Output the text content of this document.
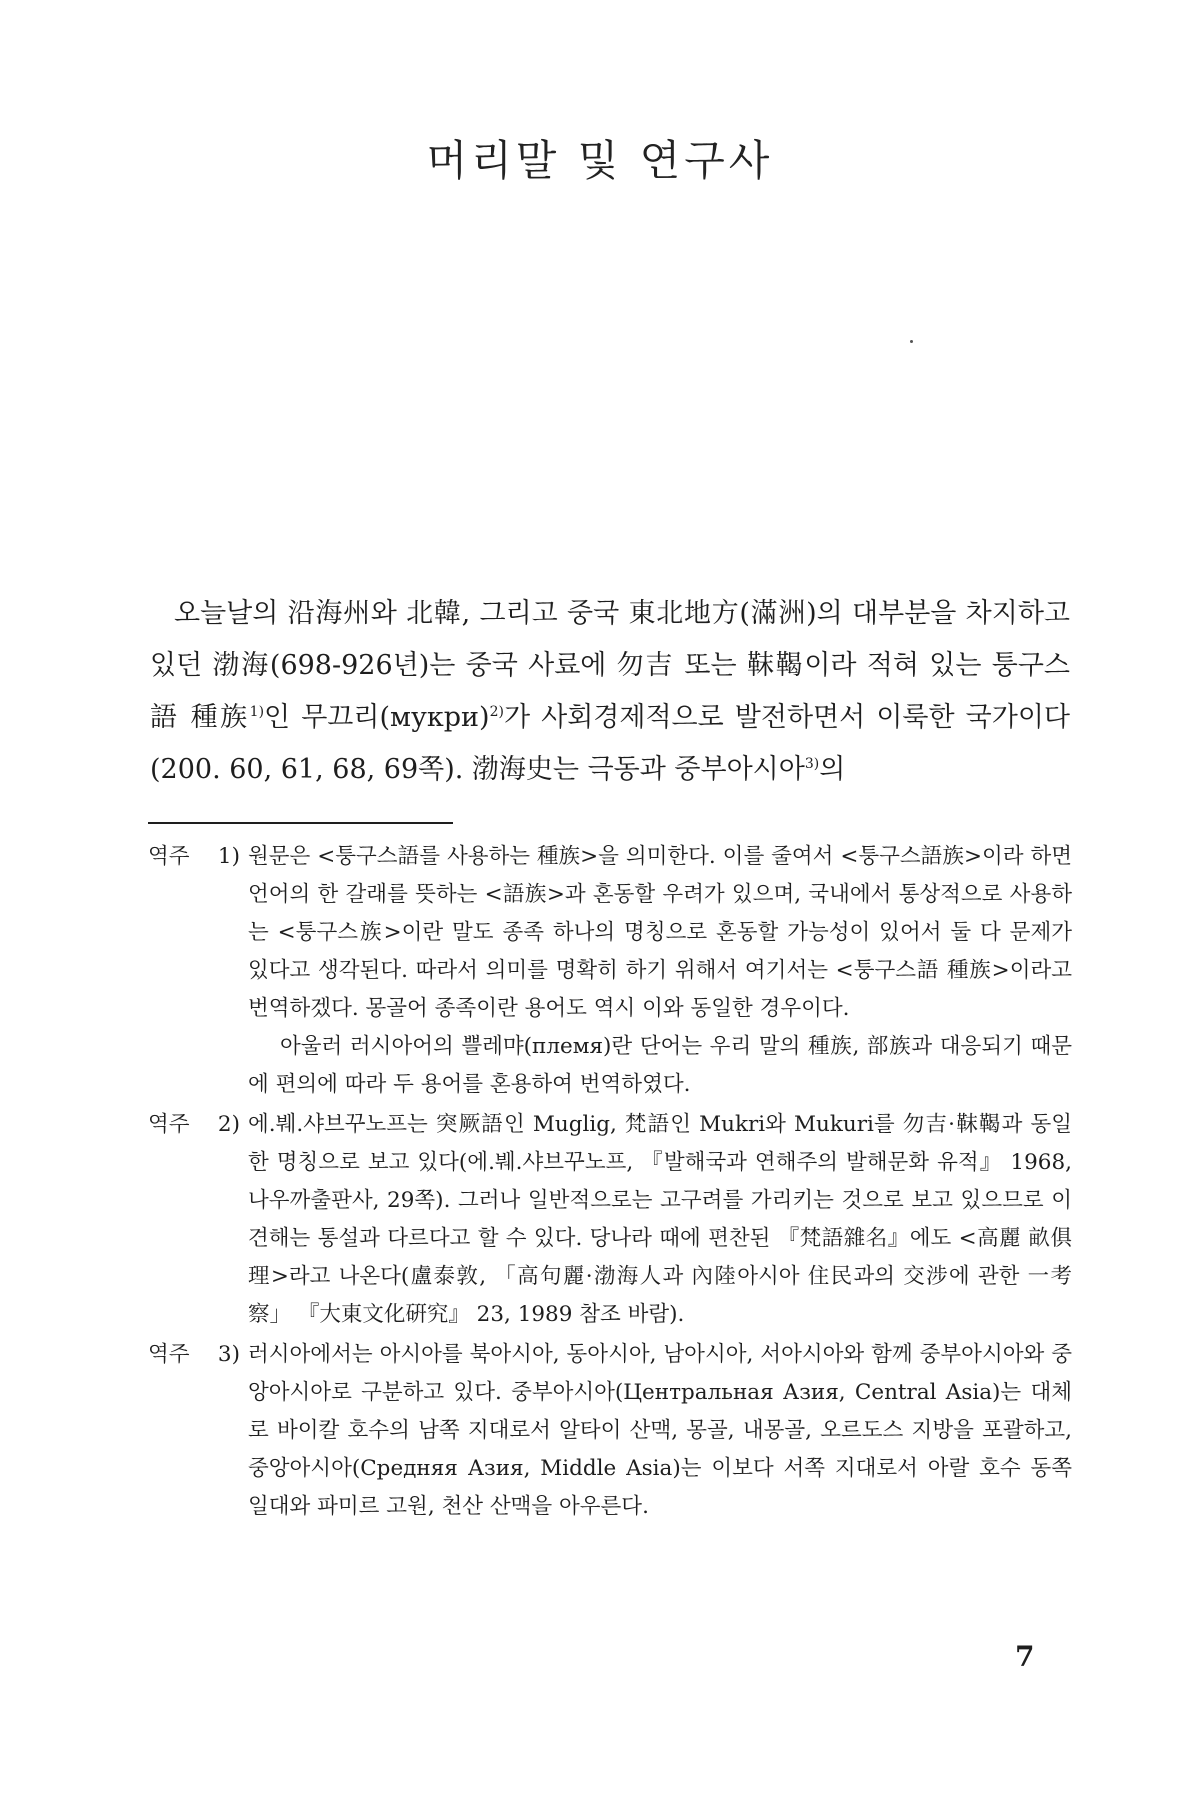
머리말 및 연구사

오늘날의 沿海州와 北韓, 그리고 중국 東北地方(滿洲)의 대부분을 차지하고 있던 渤海(698-926년)는 중국 사료에 勿吉 또는 靺鞨이라 적혀 있는 퉁구스語 種族$^{1)}$인 무끄리(мукри)$^{2)}$가 사회경제적으로 발전하면서 이룩한 국가이다(200. 60, 61, 68, 69쪽). 渤海史는 극동과 중부아시아$^{3)}$의

역주	1) 원문은 <퉁구스語를 사용하는 種族>을 의미한다. 이를 줄여서 <퉁구스語族>이라 하면 언어의 한 갈래를 뜻하는 <語族>과 혼동할 우려가 있으며, 국내에서 통상적으로 사용하는 <퉁구스族>이란 말도 종족 하나의 명칭으로 혼동할 가능성이 있어서 둘 다 문제가 있다고 생각된다. 따라서 의미를 명확히 하기 위해서 여기서는 <퉁구스語 種族>이라고 번역하겠다. 몽골어 종족이란 용어도 역시 이와 동일한 경우이다.

아울러 러시아어의 쁠레먀(племя)란 단어는 우리 말의 種族, 部族과 대응되기 때문에 편의에 따라 두 용어를 혼용하여 번역하였다.

역주	2) 에.붸.샤브꾸노프는 突厥語인 Muglig, 梵語인 Mukri와 Mukuri를 勿吉·靺鞨과 동일한 명칭으로 보고 있다(에.붸.샤브꾸노프, 『발해국과 연해주의 발해문화 유적』 1968, 나우까출판사, 29쪽). 그러나 일반적으로는 고구려를 가리키는 것으로 보고 있으므로 이 견해는 통설과 다르다고 할 수 있다. 당나라 때에 편찬된 『梵語雜名』에도 <高麗 畝俱理>라고 나온다(盧泰敦, 「高句麗·渤海人과 內陸아시아 住民과의 交涉에 관한 一考察」 『大東文化硏究』 23, 1989 참조 바람).

역주	3) 러시아에서는 아시아를 북아시아, 동아시아, 남아시아, 서아시아와 함께 중부아시아와 중앙아시아로 구분하고 있다. 중부아시아(Центральная Азия, Central Asia)는 대체로 바이칼 호수의 남쪽 지대로서 알타이 산맥, 몽골, 내몽골, 오르도스 지방을 포괄하고, 중앙아시아(Средняя Азия, Middle Asia)는 이보다 서쪽 지대로서 아랄 호수 동쪽 일대와 파미르 고원, 천산 산맥을 아우른다.

7
